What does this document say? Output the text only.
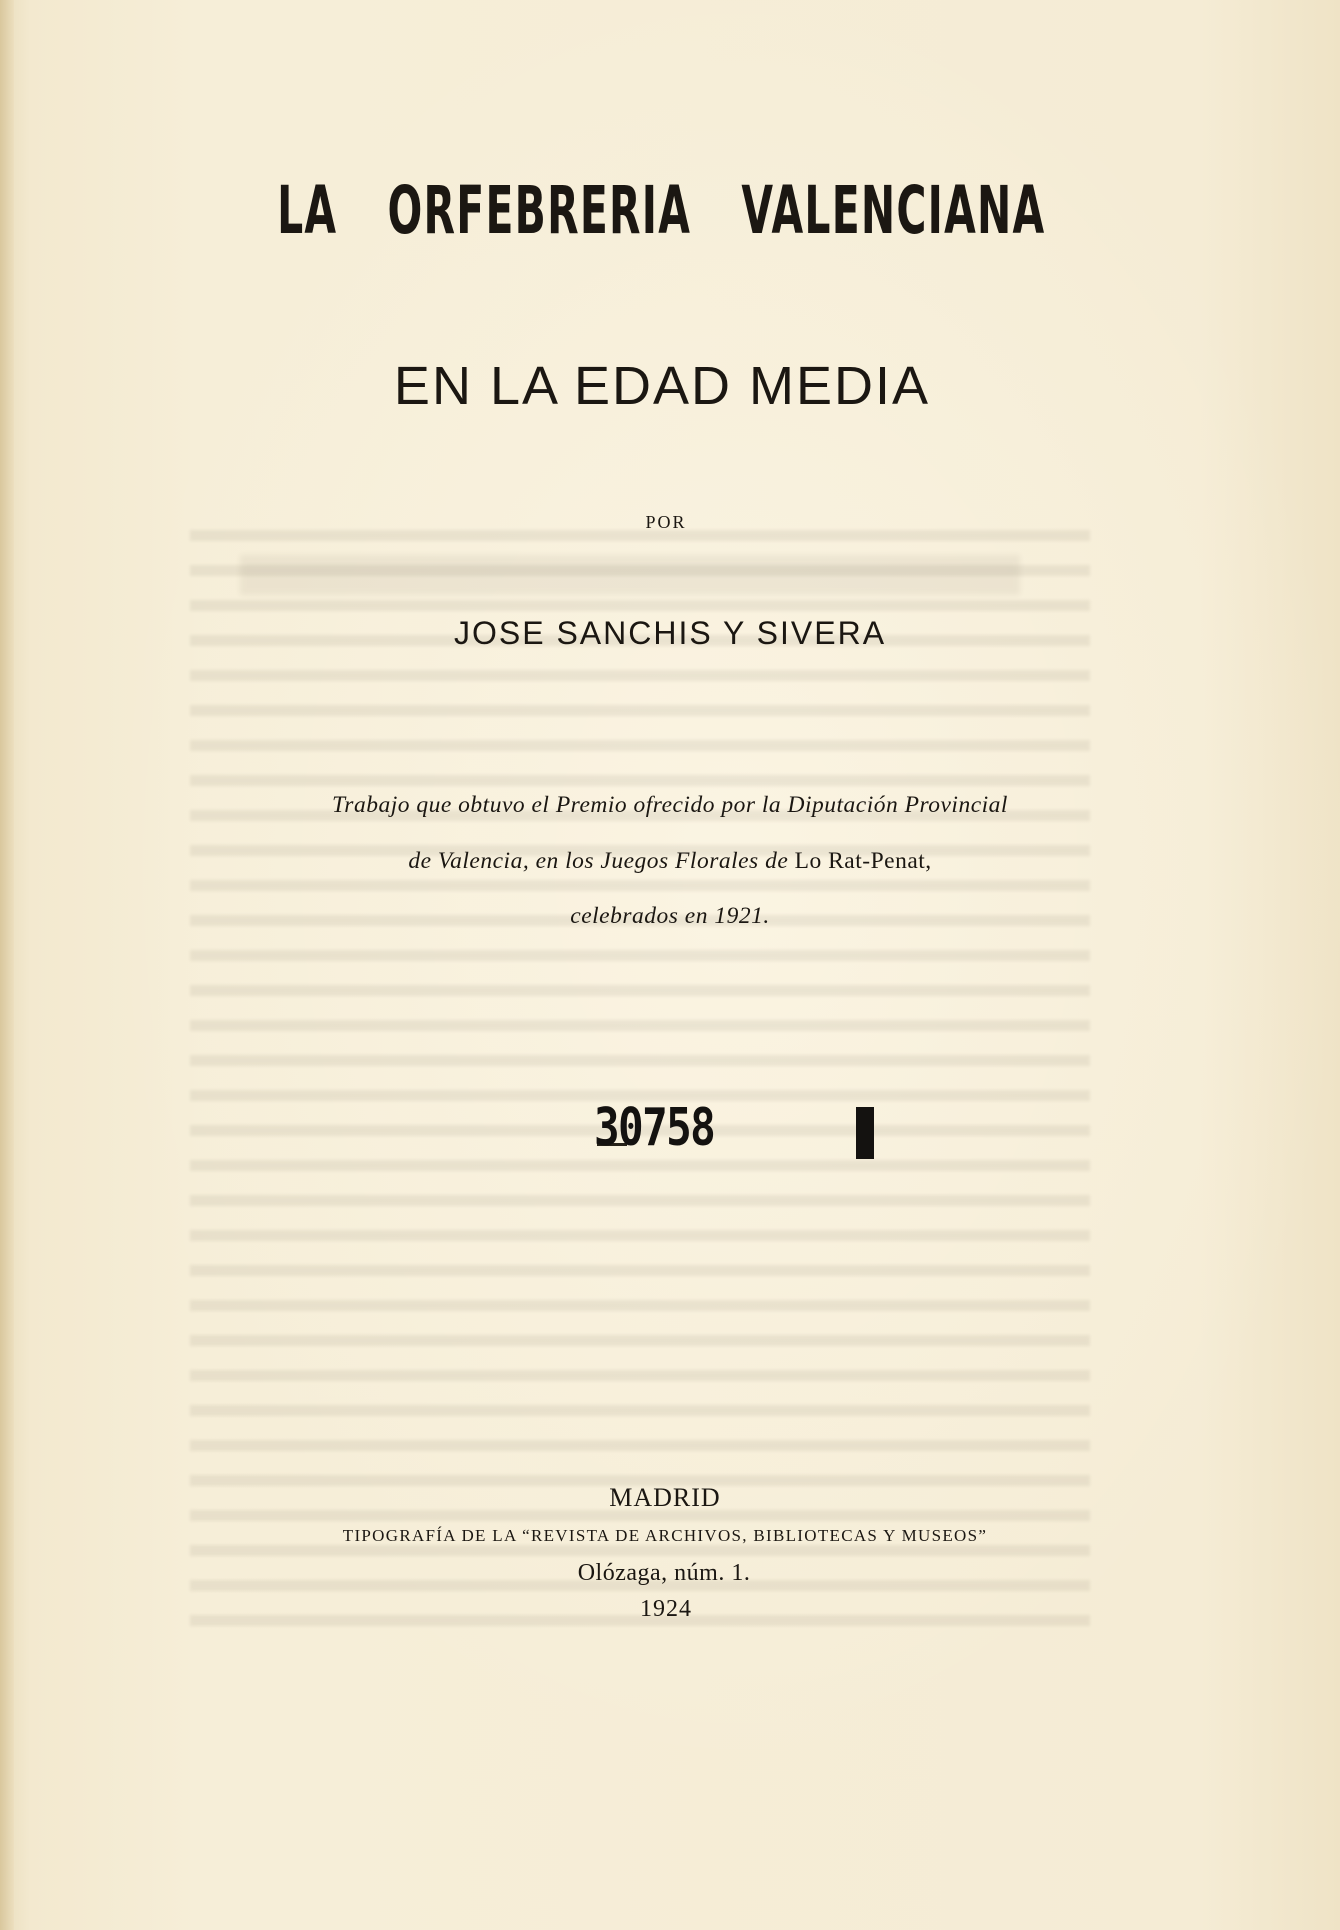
LA ORFEBRERIA VALENCIANA
EN LA EDAD MEDIA
POR
JOSE SANCHIS Y SIVERA
Trabajo que obtuvo el Premio ofrecido por la Diputación Provincial
de Valencia, en los Juegos Florales de Lo Rat-Penat,
celebrados en 1921.
30758
MADRID
TIPOGRAFÍA DE LA “REVISTA DE ARCHIVOS, BIBLIOTECAS Y MUSEOS”
Olózaga, núm. 1.
1924
